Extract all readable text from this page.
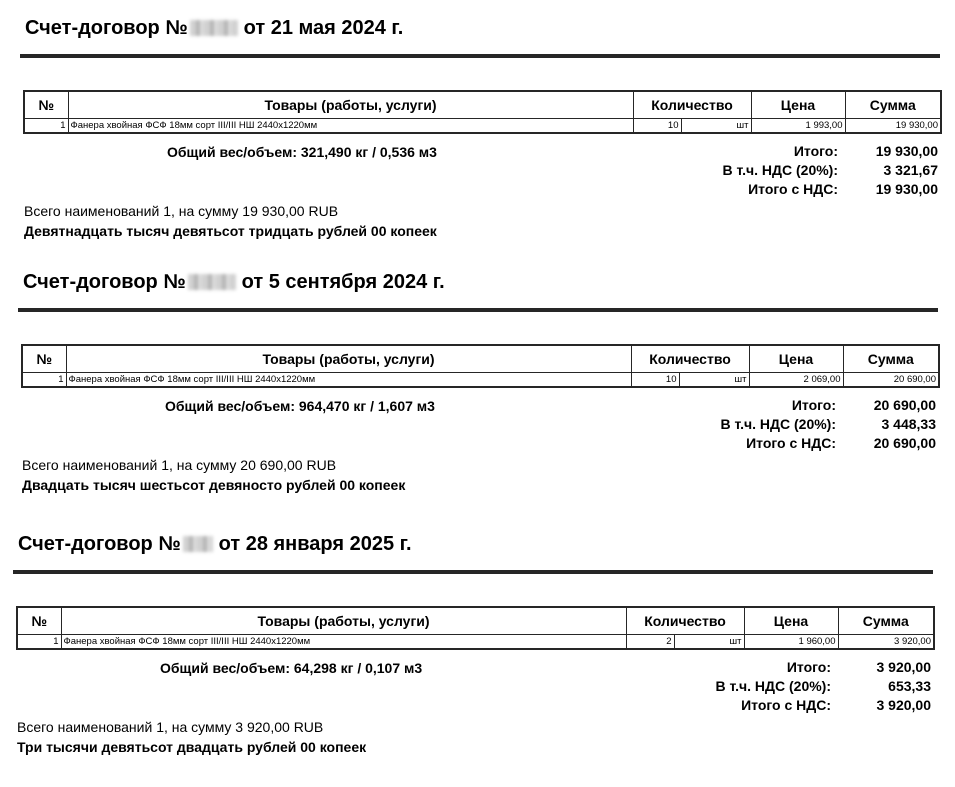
Счет-договор №	от 21 мая 2024 г.
№	Товары (работы, услуги)	Количество		Цена	Сумма
1	Фанера хвойная ФСФ 18мм сорт III/III НШ 2440х1220мм	10	шт	1 993,00	19 930,00
Общий вес/объем: 321,490 кг / 0,536 м3	Итого:	19 930,00
В т.ч. НДС (20%):	3 321,67
Итого с НДС:	19 930,00
Всего наименований 1, на сумму 19 930,00 RUB
Девятнадцать тысяч девятьсот тридцать рублей 00 копеек
Счет-договор №	от 5 сентября 2024 г.
№	Товары (работы, услуги)	Количество		Цена	Сумма
1	Фанера хвойная ФСФ 18мм сорт III/III НШ 2440х1220мм	10	шт	2 069,00	20 690,00
Общий вес/объем: 964,470 кг / 1,607 м3	Итого:	20 690,00
В т.ч. НДС (20%):	3 448,33
Итого с НДС:	20 690,00
Всего наименований 1, на сумму 20 690,00 RUB
Двадцать тысяч шестьсот девяносто рублей 00 копеек
Счет-договор № от 28 января 2025 г.
№	Товары (работы, услуги)	Количество		Цена	Сумма
1	Фанера хвойная ФСФ 18мм сорт III/III НШ 2440х1220мм	2	шт	1 960,00	3 920,00
Общий вес/объем: 64,298 кг / 0,107 м3	Итого:	3 920,00
В т.ч. НДС (20%):	653,33
Итого с НДС:	3 920,00
Всего наименований 1, на сумму 3 920,00 RUB
Три тысячи девятьсот двадцать рублей 00 копеек
